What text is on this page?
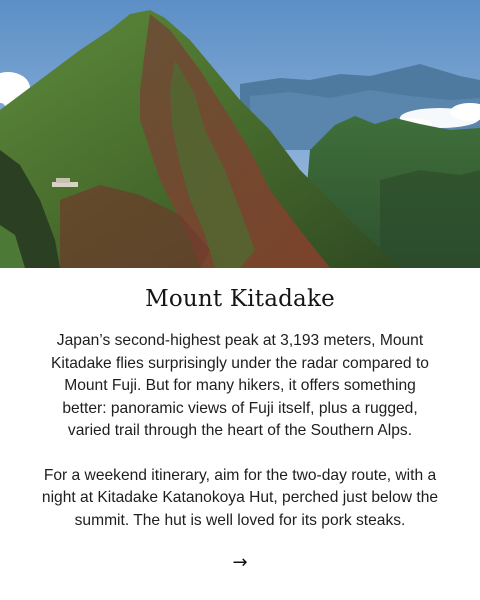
Mount Kitadake

Japan’s second-highest peak at 3,193 meters, Mount Kitadake flies surprisingly under the radar compared to Mount Fuji. But for many hikers, it offers something better: panoramic views of Fuji itself, plus a rugged, varied trail through the heart of the Southern Alps.

For a weekend itinerary, aim for the two-day route, with a night at Kitadake Katanokoya Hut, perched just below the summit. The hut is well loved for its pork steaks.

→
